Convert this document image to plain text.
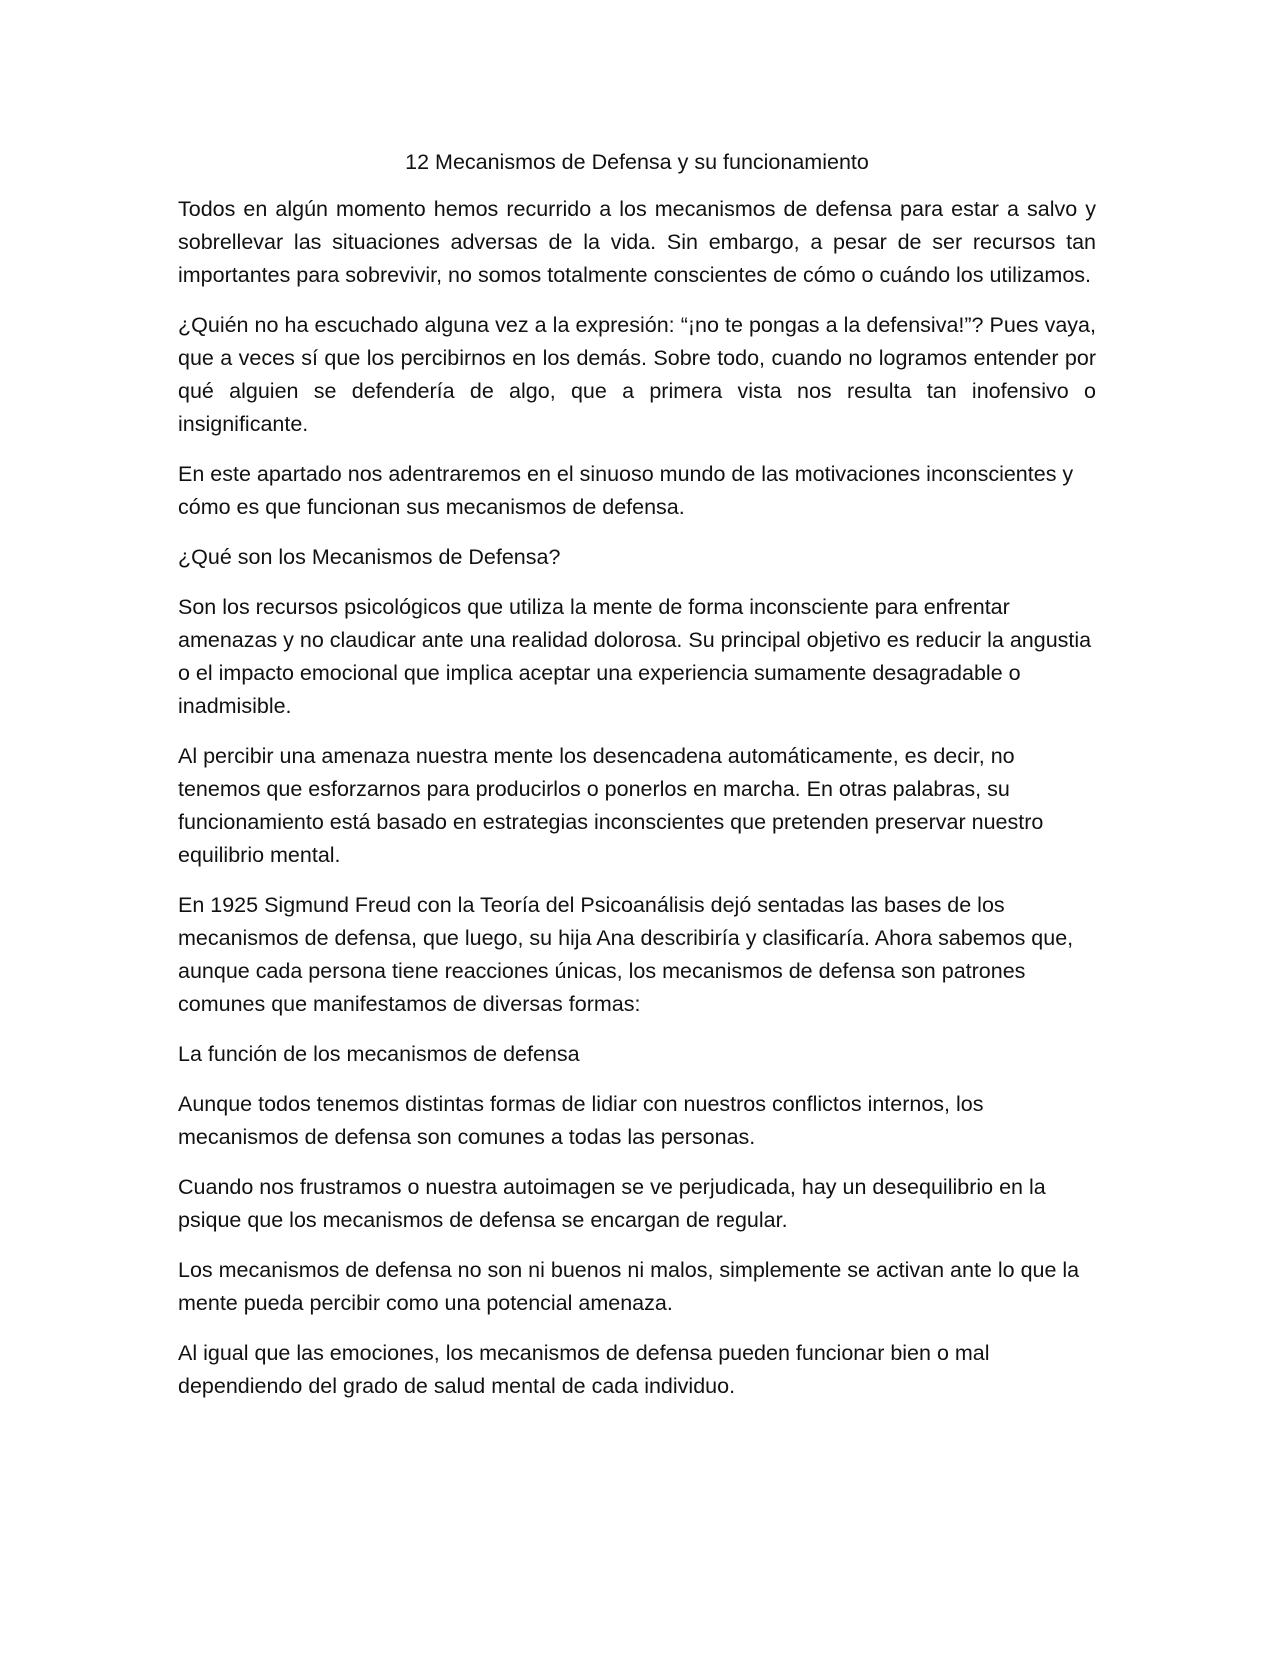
12 Mecanismos de Defensa y su funcionamiento

Todos en algún momento hemos recurrido a los mecanismos de defensa para estar a salvo y sobrellevar las situaciones adversas de la vida. Sin embargo, a pesar de ser recursos tan importantes para sobrevivir, no somos totalmente conscientes de cómo o cuándo los utilizamos.

¿Quién no ha escuchado alguna vez a la expresión: “¡no te pongas a la defensiva!”? Pues vaya, que a veces sí que los percibirnos en los demás. Sobre todo, cuando no logramos entender por qué alguien se defendería de algo, que a primera vista nos resulta tan inofensivo o insignificante.

En este apartado nos adentraremos en el sinuoso mundo de las motivaciones inconscientes y cómo es que funcionan sus mecanismos de defensa.

¿Qué son los Mecanismos de Defensa?

Son los recursos psicológicos que utiliza la mente de forma inconsciente para enfrentar amenazas y no claudicar ante una realidad dolorosa. Su principal objetivo es reducir la angustia o el impacto emocional que implica aceptar una experiencia sumamente desagradable o inadmisible.

Al percibir una amenaza nuestra mente los desencadena automáticamente, es decir, no tenemos que esforzarnos para producirlos o ponerlos en marcha. En otras palabras, su funcionamiento está basado en estrategias inconscientes que pretenden preservar nuestro equilibrio mental.

En 1925 Sigmund Freud con la Teoría del Psicoanálisis dejó sentadas las bases de los mecanismos de defensa, que luego, su hija Ana describiría y clasificaría. Ahora sabemos que, aunque cada persona tiene reacciones únicas, los mecanismos de defensa son patrones comunes que manifestamos de diversas formas:

La función de los mecanismos de defensa

Aunque todos tenemos distintas formas de lidiar con nuestros conflictos internos, los mecanismos de defensa son comunes a todas las personas.

Cuando nos frustramos o nuestra autoimagen se ve perjudicada, hay un desequilibrio en la psique que los mecanismos de defensa se encargan de regular.

Los mecanismos de defensa no son ni buenos ni malos, simplemente se activan ante lo que la mente pueda percibir como una potencial amenaza.

Al igual que las emociones, los mecanismos de defensa pueden funcionar bien o mal dependiendo del grado de salud mental de cada individuo.
